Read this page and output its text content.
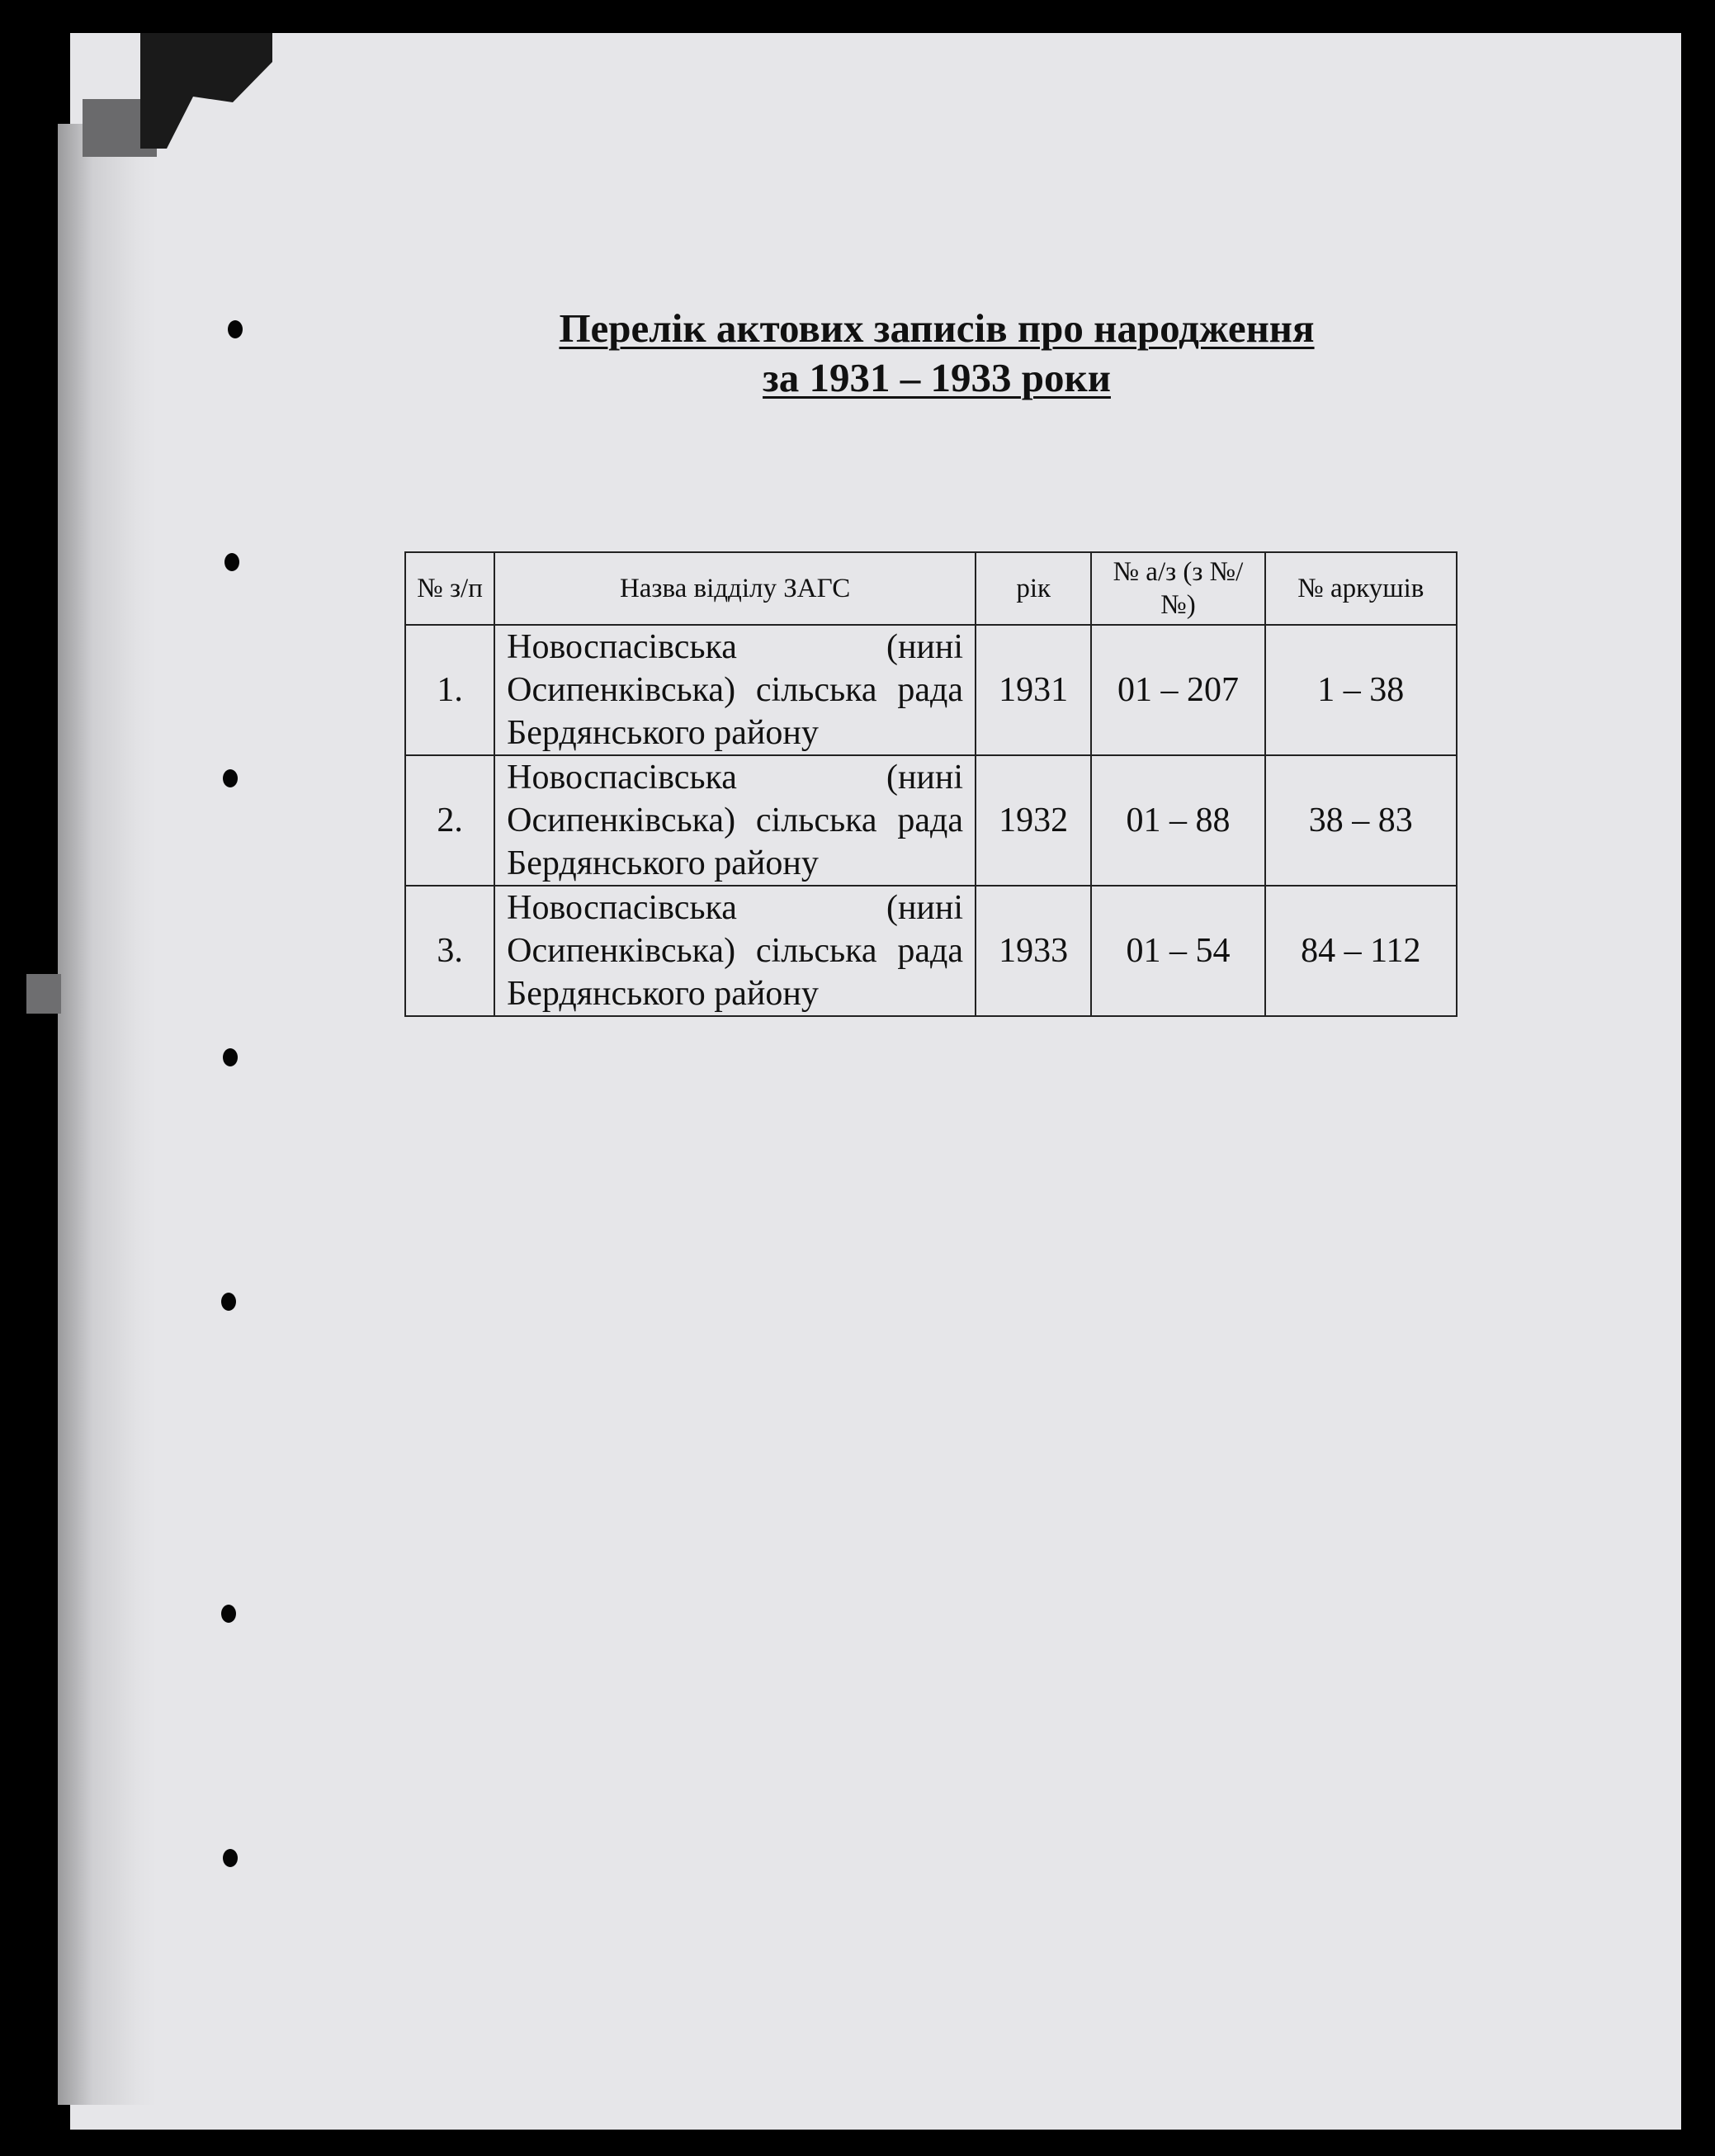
Перелік актових записів про народження
за 1931 – 1933 роки
№ з/п	Назва відділу ЗАГС	рік	№ а/з (з №/№)	№ аркушів
1.	Новоспасівська (нині Осипенківська) сільська рада Бердянського району	1931	01 – 207	1 – 38
2.	Новоспасівська (нині Осипенківська) сільська рада Бердянського району	1932	01 – 88	38 – 83
3.	Новоспасівська (нині Осипенківська) сільська рада Бердянського району	1933	01 – 54	84 – 112
